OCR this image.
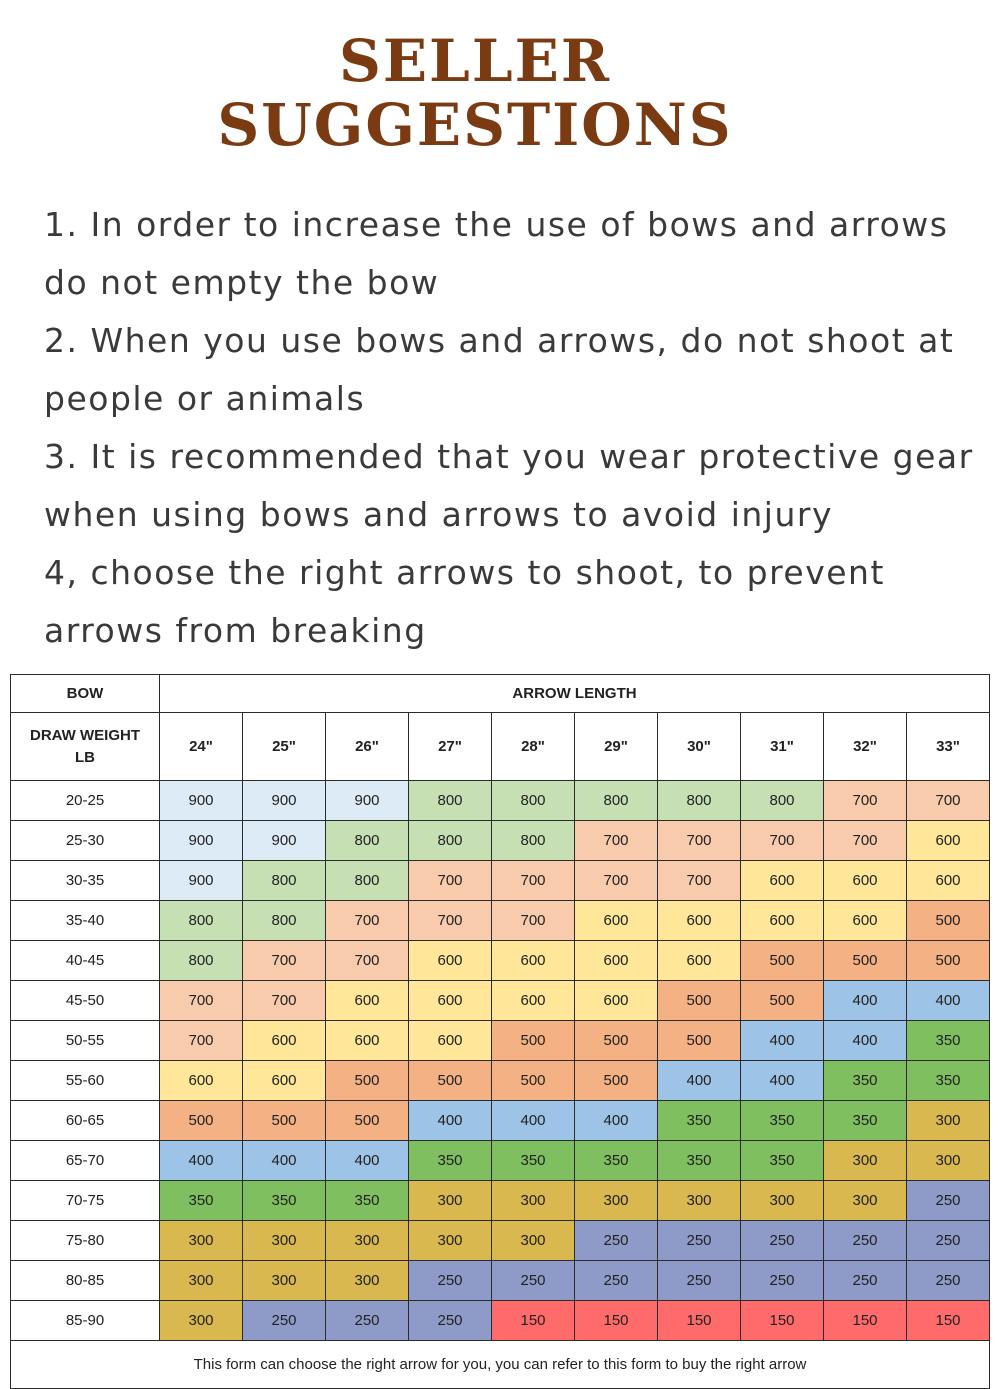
SELLER
SUGGESTIONS

1. In order to increase the use of bows and arrows do not empty the bow

2. When you use bows and arrows, do not shoot at people or animals

3. It is recommended that you wear protective gear when using bows and arrows to avoid injury

4, choose the right arrows to shoot, to prevent arrows from breaking

BOW	ARROW LENGTH									
DRAW WEIGHT
LB	24"	25"	26"	27"	28"	29"	30"	31"	32"	33"
20-25	900	900	900	800	800	800	800	800	700	700
25-30	900	900	800	800	800	700	700	700	700	600
30-35	900	800	800	700	700	700	700	600	600	600
35-40	800	800	700	700	700	600	600	600	600	500
40-45	800	700	700	600	600	600	600	500	500	500
45-50	700	700	600	600	600	600	500	500	400	400
50-55	700	600	600	600	500	500	500	400	400	350
55-60	600	600	500	500	500	500	400	400	350	350
60-65	500	500	500	400	400	400	350	350	350	300
65-70	400	400	400	350	350	350	350	350	300	300
70-75	350	350	350	300	300	300	300	300	300	250
75-80	300	300	300	300	300	250	250	250	250	250
80-85	300	300	300	250	250	250	250	250	250	250
85-90	300	250	250	250	150	150	150	150	150	150
This form can choose the right arrow for you, you can refer to this form to buy the right arrow										
